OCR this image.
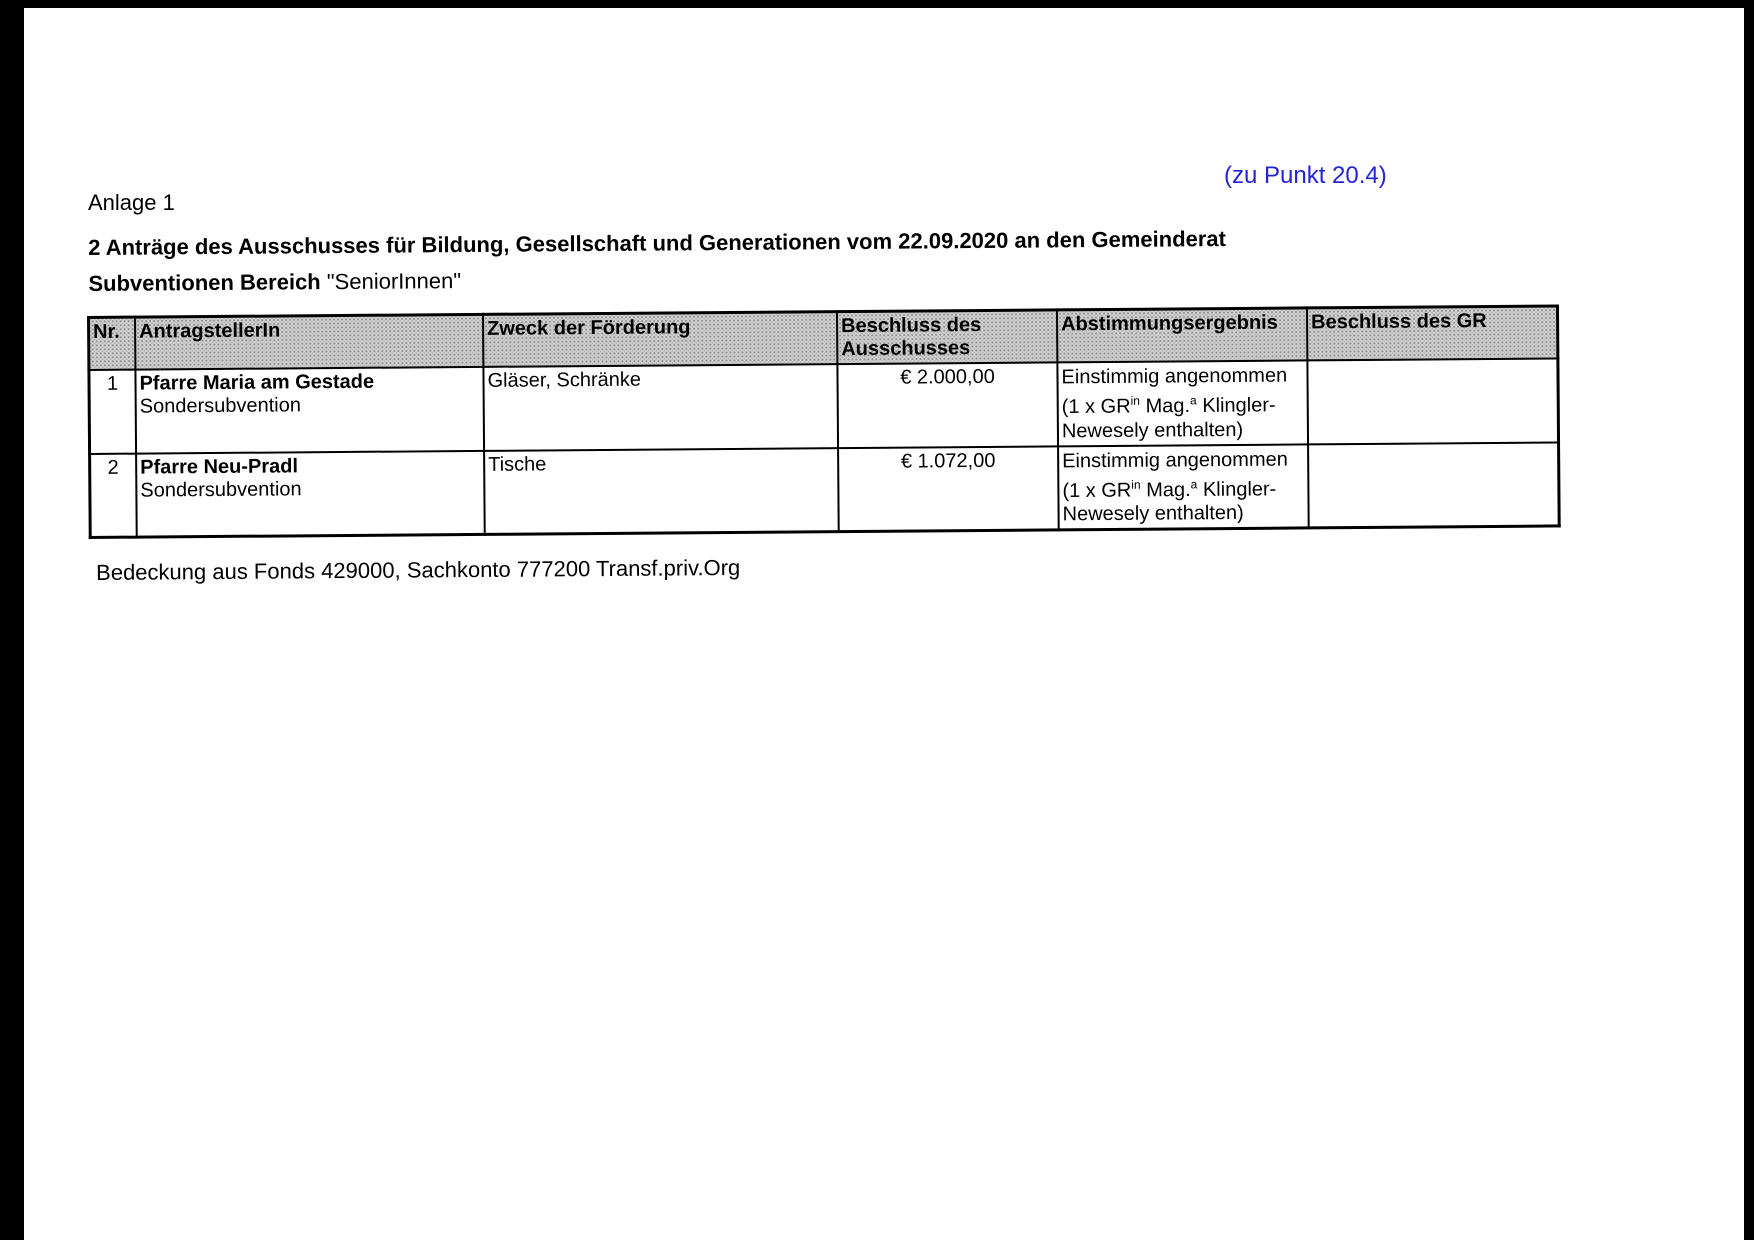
(zu Punkt 20.4)
Anlage 1
2 Anträge des Ausschusses für Bildung, Gesellschaft und Generationen vom 22.09.2020 an den Gemeinderat
Subventionen Bereich "SeniorInnen"
Nr.	AntragstellerIn	Zweck der Förderung	Beschluss des Ausschusses	Abstimmungsergebnis	Beschluss des GR
1	Pfarre Maria am Gestade
Sondersubvention	Gläser, Schränke	€ 2.000,00	Einstimmig angenommen
(1 x $GR^{in}$ Mag.$^a$ Klingler-
Newesely enthalten)	
2	Pfarre Neu-Pradl
Sondersubvention	Tische	€ 1.072,00	Einstimmig angenommen
(1 x $GR^{in}$ Mag.$^a$ Klingler-
Newesely enthalten)	
Bedeckung aus Fonds 429000, Sachkonto 777200 Transf.priv.Org
